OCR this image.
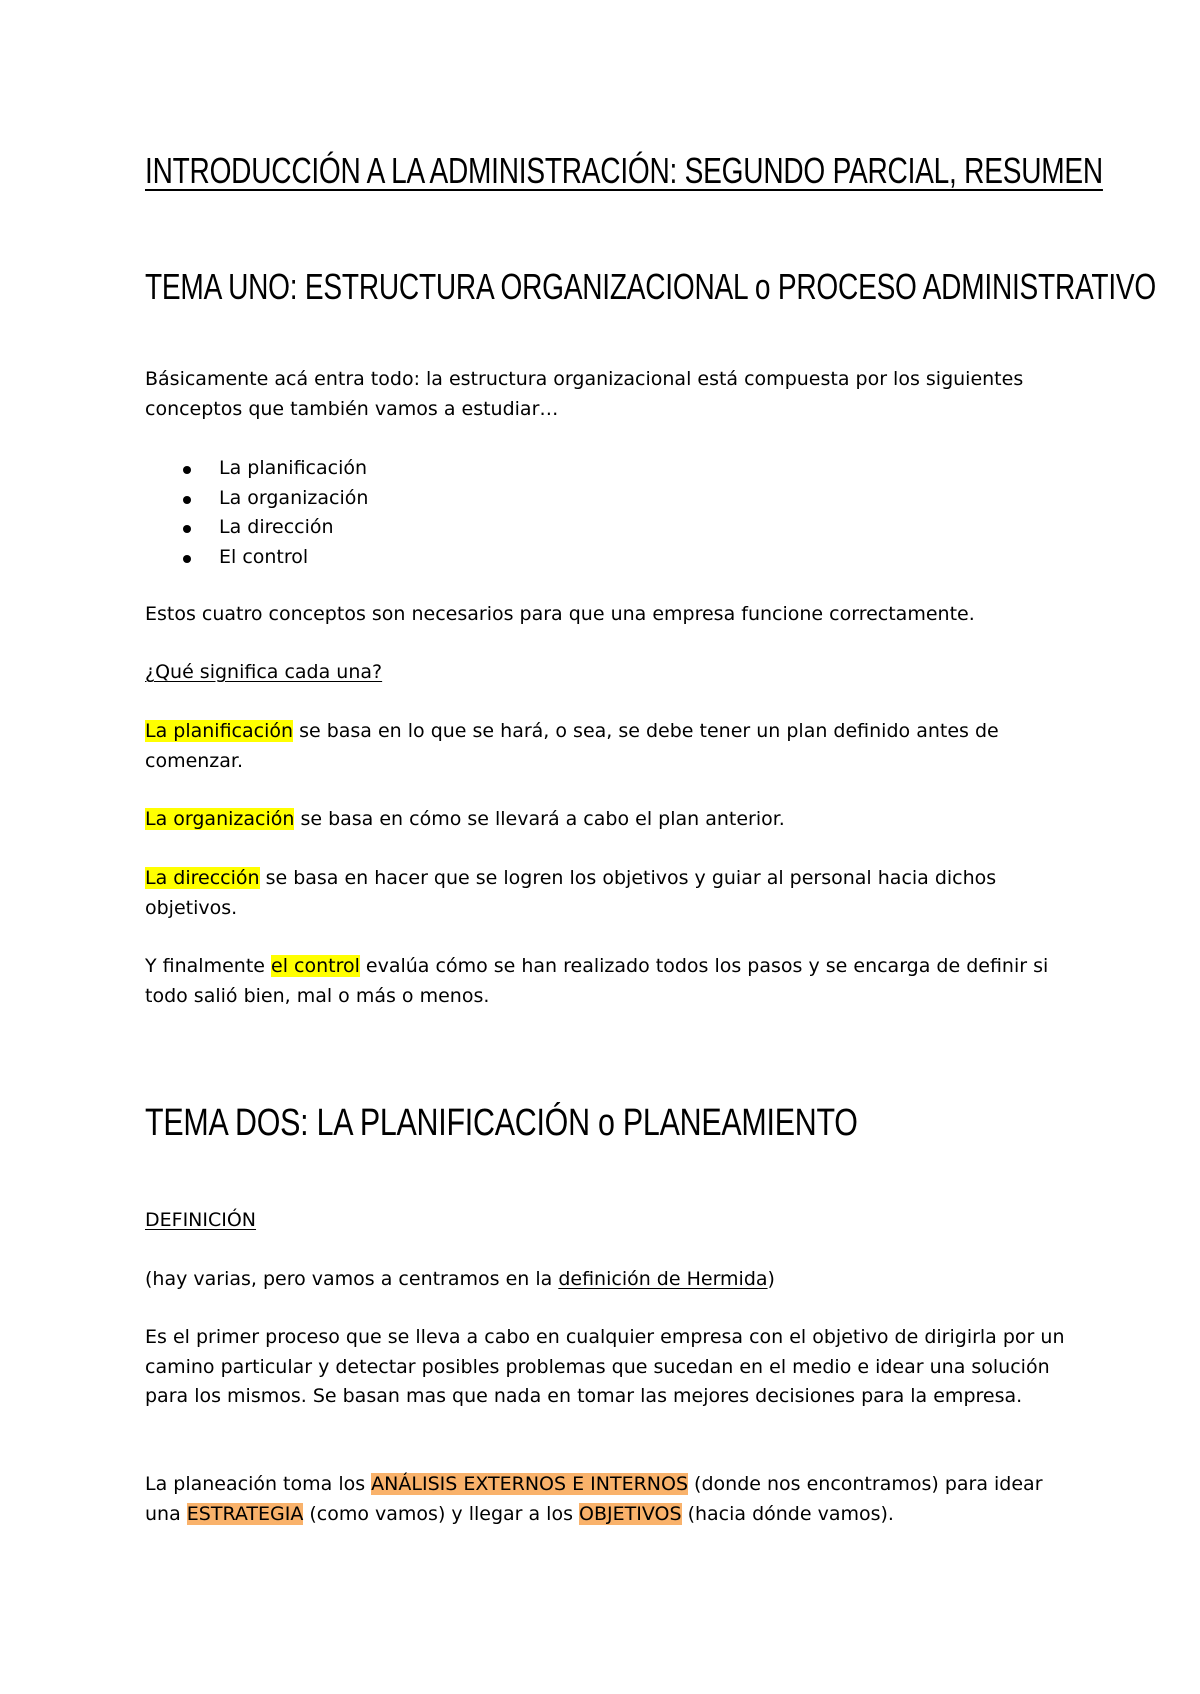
INTRODUCCIÓN A LA ADMINISTRACIÓN: SEGUNDO PARCIAL, RESUMEN
TEMA UNO: ESTRUCTURA ORGANIZACIONAL o PROCESO ADMINISTRATIVO
Básicamente acá entra todo: la estructura organizacional está compuesta por los siguientes conceptos que también vamos a estudiar…
La planificación
La organización
La dirección
El control
Estos cuatro conceptos son necesarios para que una empresa funcione correctamente.
¿Qué significa cada una?
La planificación se basa en lo que se hará, o sea, se debe tener un plan definido antes de comenzar.
La organización se basa en cómo se llevará a cabo el plan anterior.
La dirección se basa en hacer que se logren los objetivos y guiar al personal hacia dichos objetivos.
Y finalmente el control evalúa cómo se han realizado todos los pasos y se encarga de definir si todo salió bien, mal o más o menos.
TEMA DOS: LA PLANIFICACIÓN o PLANEAMIENTO
DEFINICIÓN
(hay varias, pero vamos a centramos en la definición de Hermida)
Es el primer proceso que se lleva a cabo en cualquier empresa con el objetivo de dirigirla por un camino particular y detectar posibles problemas que sucedan en el medio e idear una solución para los mismos. Se basan mas que nada en tomar las mejores decisiones para la empresa.
La planeación toma los ANÁLISIS EXTERNOS E INTERNOS (donde nos encontramos) para idear una ESTRATEGIA (como vamos) y llegar a los OBJETIVOS (hacia dónde vamos).
